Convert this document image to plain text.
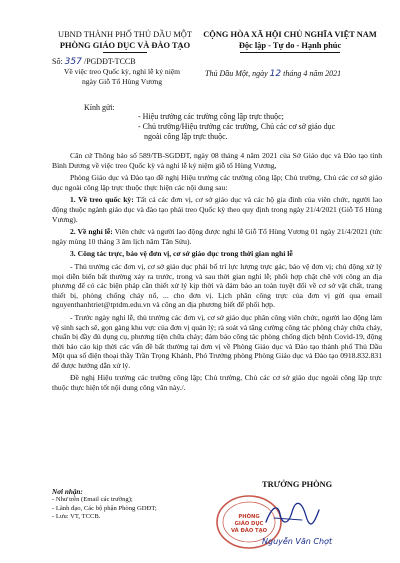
UBND THÀNH PHỐ THỦ DẦU MỘT
PHÒNG GIÁO DỤC VÀ ĐÀO TẠO
CỘNG HÒA XÃ HỘI CHỦ NGHĨA VIỆT NAM
Độc lập - Tự do - Hạnh phúc
Số: 357 /PGDĐT-TCCB
Về việc treo Quốc kỳ, nghỉ lễ kỷ niệm
ngày Giỗ Tổ Hùng Vương
Thủ Dầu Một, ngày 12 tháng 4 năm 2021
Kính gửi:
- Hiệu trưởng các trường công lập trực thuộc;
- Chủ trường/Hiệu trưởng các trường, Chủ các cơ sở giáo dục
ngoài công lập trực thuộc.

Căn cứ Thông báo số 589/TB-SGDĐT, ngày 08 tháng 4 năm 2021 của Sở Giáo dục và Đào tạo tỉnh Bình Dương về việc treo Quốc kỳ và nghỉ lễ kỷ niệm giỗ tổ Hùng Vương,

Phòng Giáo dục và Đào tạo đề nghị Hiệu trưởng các trường công lập; Chủ trường, Chủ các cơ sở giáo dục ngoài công lập trực thuộc thực hiện các nội dung sau:

1. Về treo quốc kỳ: Tất cả các đơn vị, cơ sở giáo dục và các hộ gia đình của viên chức, người lao động thuộc ngành giáo dục và đào tạo phải treo Quốc kỳ theo quy định trong ngày 21/4/2021 (Giỗ Tổ Hùng Vương).

2. Về nghỉ lễ: Viên chức và người lao động được nghỉ lễ Giỗ Tổ Hùng Vương 01 ngày 21/4/2021 (tức ngày mùng 10 tháng 3 âm lịch năm Tân Sửu).

3. Công tác trực, bảo vệ đơn vị, cơ sở giáo dục trong thời gian nghỉ lễ

- Thủ trưởng các đơn vị, cơ sở giáo dục phải bố trí lực lượng trực gác, bảo vệ đơn vị; chủ động xử lý mọi diễn biến bất thường xảy ra trước, trong và sau thời gian nghỉ lễ; phối hợp chặt chẽ với công an địa phương để có các biện pháp cần thiết xử lý kịp thời và đảm bảo an toàn tuyệt đối về cơ sở vật chất, trang thiết bị, phòng chống cháy nổ, ... cho đơn vị. Lịch phân công trực của đơn vị gửi qua email nguyenthanhtriet@tptdm.edu.vn và công an địa phương biết để phối hợp.

- Trước ngày nghỉ lễ, thủ trưởng các đơn vị, cơ sở giáo dục phân công viên chức, người lao động làm vệ sinh sạch sẽ, gọn gàng khu vực của đơn vị quản lý; rà soát và tăng cường công tác phòng cháy chữa cháy, chuẩn bị đầy đủ dụng cụ, phương tiện chữa cháy; đảm bảo công tác phòng chống dịch bệnh Covid-19, động thời báo cáo kịp thời các vấn đề bất thường tại đơn vị về Phòng Giáo dục và Đào tạo thành phố Thủ Dầu Một qua số điện thoại thầy Trần Trọng Khánh, Phó Trưởng phòng Phòng Giáo dục và Đào tạo 0918.832.831 để được hướng dẫn xử lý.

Đề nghị Hiệu trưởng các trường công lập; Chủ trường, Chủ các cơ sở giáo dục ngoài công lập trực thuộc thực hiện tốt nội dung công văn này./.

Nơi nhận:
- Như trên (Email các trường);
- Lãnh đạo, Các bộ phận Phòng GDĐT;
- Lưu: VT, TCCB.
TRƯỞNG PHÒNG
PHÒNG
GIÁO DỤC
VÀ ĐÀO TẠO
Nguyễn Văn Chợt
